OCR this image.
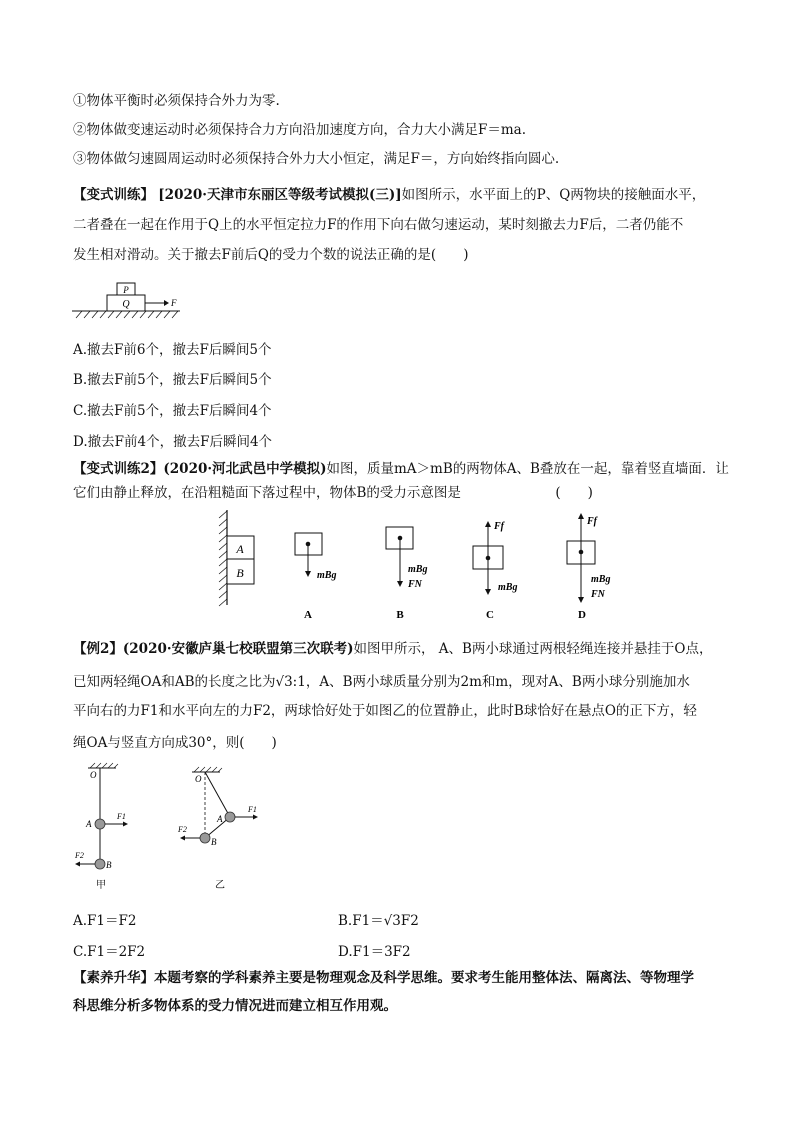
①物体平衡时必须保持合外力为零.
②物体做变速运动时必须保持合力方向沿加速度方向，合力大小满足F＝ma.
③物体做匀速圆周运动时必须保持合外力大小恒定，满足F＝，方向始终指向圆心.
【变式训练】 [2020·天津市东丽区等级考试模拟(三)]如图所示，水平面上的P、Q两物块的接触面水平，
二者叠在一起在作用于Q上的水平恒定拉力F的作用下向右做匀速运动，某时刻撤去力F后，二者仍能不
发生相对滑动。关于撤去F前后Q的受力个数的说法正确的是(　　)
P
Q	F
A.撤去F前6个，撤去F后瞬间5个
B.撤去F前5个，撤去F后瞬间5个
C.撤去F前5个，撤去F后瞬间4个
D.撤去F前4个，撤去F后瞬间4个
【变式训练2】(2020·河北武邑中学模拟)如图，质量mA＞mB的两物体A、B叠放在一起，靠着竖直墙面．让
它们由静止释放，在沿粗糙面下落过程中，物体B的受力示意图是　　　　　　　(　　)
A
B	mBg
mBg
FN
Ff
mBg
Ff
mBg
FN
A	B	C	D
【例2】(2020·安徽庐巢七校联盟第三次联考)如图甲所示， A、B两小球通过两根轻绳连接并悬挂于O点，
已知两轻绳OA和AB的长度之比为√3:1，A、B两小球质量分别为2m和m，现对A、B两小球分别施加水
平向右的力F1和水平向左的力F2，两球恰好处于如图乙的位置静止，此时B球恰好在悬点O的正下方，轻
绳OA与竖直方向成30°，则(　　)
O
A
F1
B
F2
甲
O
A
F1
B
F2
乙
A.F1＝F2	B.F1＝√3F2
C.F1＝2F2	D.F1＝3F2
【素养升华】本题考察的学科素养主要是物理观念及科学思维。要求考生能用整体法、隔离法、等物理学
科思维分析多物体系的受力情况进而建立相互作用观。
